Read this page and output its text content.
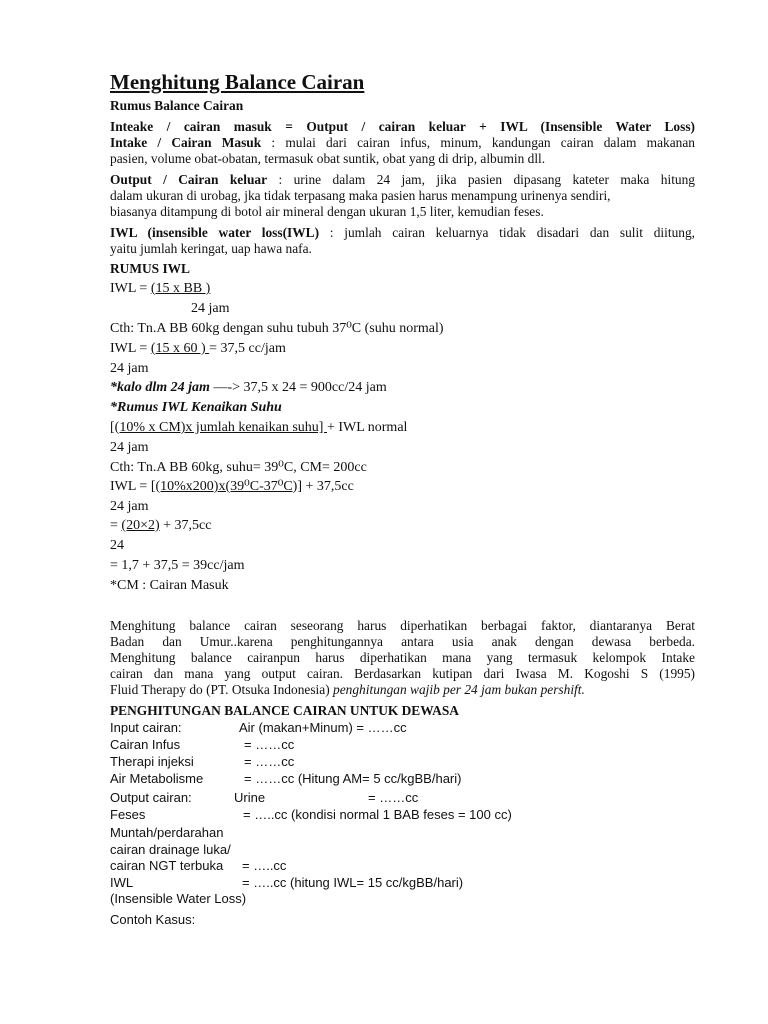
Menghitung Balance Cairan
Rumus Balance Cairan
Inteake / cairan masuk = Output / cairan keluar + IWL (Insensible Water Loss)
Intake / Cairan Masuk : mulai dari cairan infus, minum, kandungan cairan dalam makanan
pasien, volume obat-obatan, termasuk obat suntik, obat yang di drip, albumin dll.
Output / Cairan keluar : urine dalam 24 jam, jika pasien dipasang kateter maka hitung
dalam ukuran di urobag, jka tidak terpasang maka pasien harus menampung urinenya sendiri,
biasanya ditampung di botol air mineral dengan ukuran 1,5 liter, kemudian feses.
IWL (insensible water loss(IWL) : jumlah cairan keluarnya tidak disadari dan sulit diitung,
yaitu jumlah keringat, uap hawa nafa.
RUMUS IWL
IWL = (15 x BB )
24 jam
Cth: Tn.A BB 60kg dengan suhu tubuh 37⁰C (suhu normal)
IWL = (15 x 60 ) = 37,5 cc/jam
24 jam
*kalo dlm 24 jam —-> 37,5 x 24 = 900cc/24 jam
*Rumus IWL Kenaikan Suhu
[(10% x CM)x jumlah kenaikan suhu] + IWL normal
24 jam
Cth: Tn.A BB 60kg, suhu= 39⁰C, CM= 200cc
IWL = [(10%x200)x(39⁰C-37⁰C)] + 37,5cc
24 jam
= (20×2) + 37,5cc
24
= 1,7 + 37,5 = 39cc/jam
*CM : Cairan Masuk
Menghitung balance cairan seseorang harus diperhatikan berbagai faktor, diantaranya Berat
Badan dan Umur..karena penghitungannya antara usia anak dengan dewasa berbeda.
Menghitung balance cairanpun harus diperhatikan mana yang termasuk kelompok Intake
cairan dan mana yang output cairan. Berdasarkan kutipan dari Iwasa M. Kogoshi S (1995)
Fluid Therapy do (PT. Otsuka Indonesia) penghitungan wajib per 24 jam bukan pershift.
PENGHITUNGAN BALANCE CAIRAN UNTUK DEWASA
Input cairan:	Air (makan+Minum) = ……cc
Cairan Infus	= ……cc
Therapi injeksi	= ……cc
Air Metabolisme	= ……cc (Hitung AM= 5 cc/kgBB/hari)
Output cairan:	Urine	= ……cc
Feses	= …..cc (kondisi normal 1 BAB feses = 100 cc)
Muntah/perdarahan
cairan drainage luka/
cairan NGT terbuka = …..cc
IWL	= …..cc (hitung IWL= 15 cc/kgBB/hari)
(Insensible Water Loss)
Contoh Kasus:
